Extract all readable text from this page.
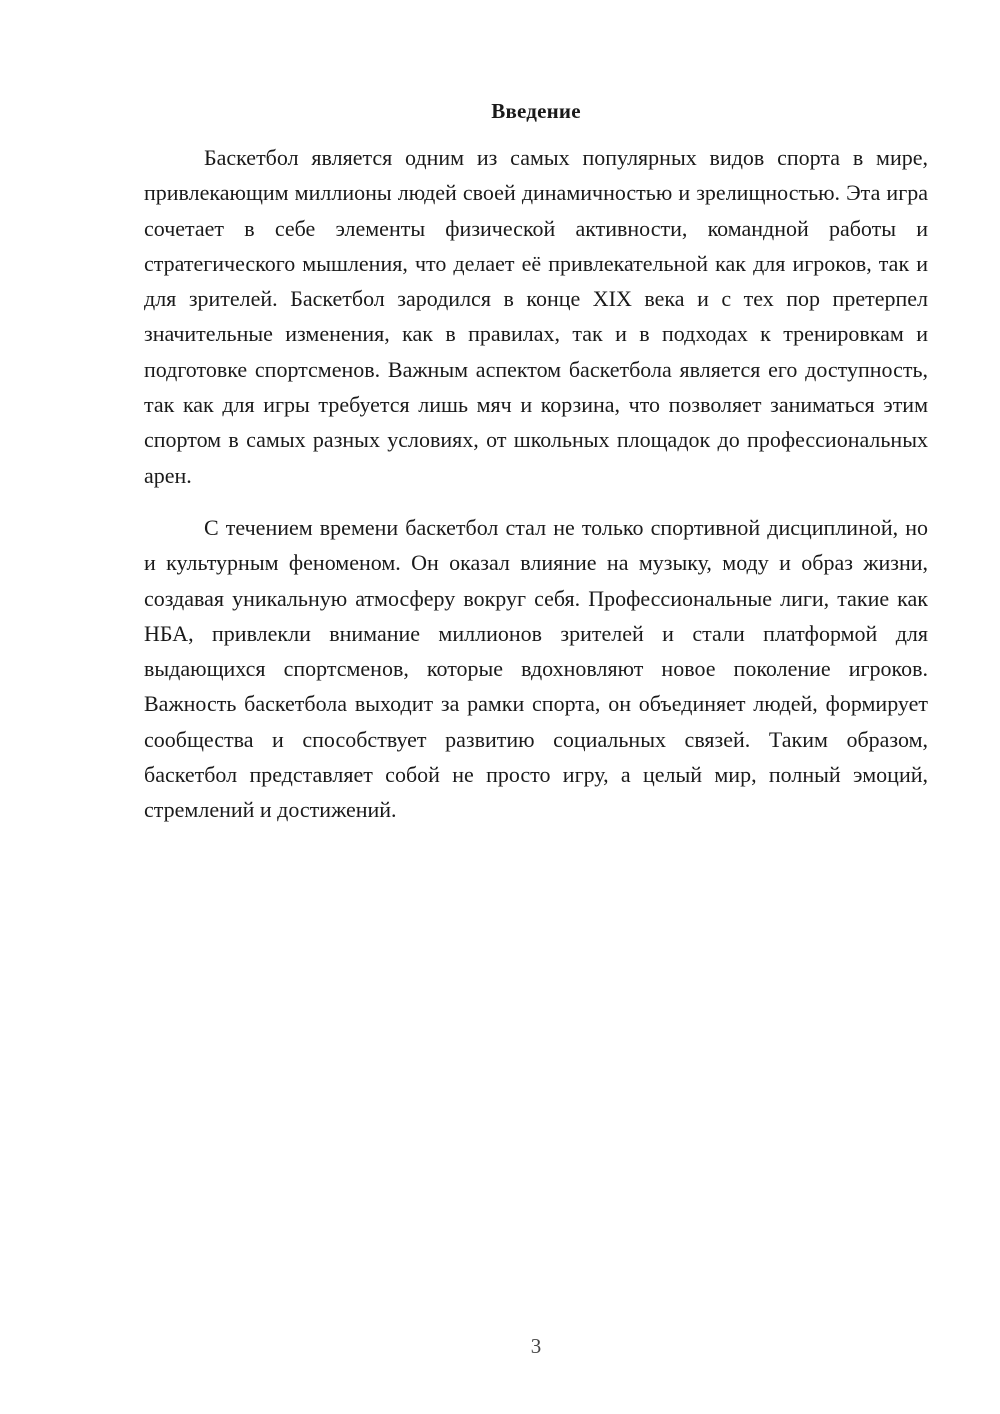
Введение

Баскетбол является одним из самых популярных видов спорта в мире, привлекающим миллионы людей своей динамичностью и зрелищностью. Эта игра сочетает в себе элементы физической активности, командной работы и стратегического мышления, что делает её привлекательной как для игроков, так и для зрителей. Баскетбол зародился в конце XIX века и с тех пор претерпел значительные изменения, как в правилах, так и в подходах к тренировкам и подготовке спортсменов. Важным аспектом баскетбола является его доступность, так как для игры требуется лишь мяч и корзина, что позволяет заниматься этим спортом в самых разных условиях, от школьных площадок до профессиональных арен.

С течением времени баскетбол стал не только спортивной дисциплиной, но и культурным феноменом. Он оказал влияние на музыку, моду и образ жизни, создавая уникальную атмосферу вокруг себя. Профессиональные лиги, такие как НБА, привлекли внимание миллионов зрителей и стали платформой для выдающихся спортсменов, которые вдохновляют новое поколение игроков. Важность баскетбола выходит за рамки спорта, он объединяет людей, формирует сообщества и способствует развитию социальных связей. Таким образом, баскетбол представляет собой не просто игру, а целый мир, полный эмоций, стремлений и достижений.

3
